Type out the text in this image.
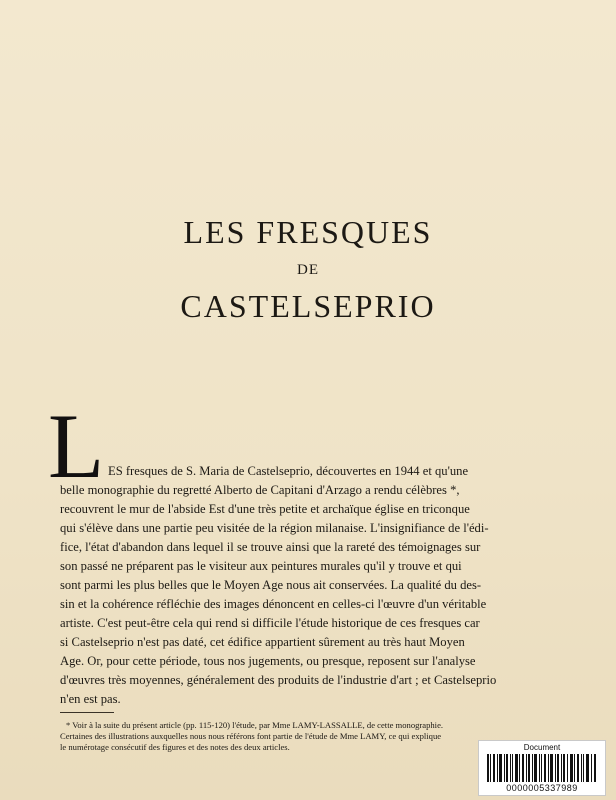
LES FRESQUES
DE
CASTELSEPRIO
L ES fresques de S. Maria de Castelseprio, découvertes en 1944 et qu'une
belle monographie du regretté Alberto de Capitani d'Arzago a rendu célèbres *,
recouvrent le mur de l'abside Est d'une très petite et archaïque église en triconque
qui s'élève dans une partie peu visitée de la région milanaise. L'insignifiance de l'édi-
fice, l'état d'abandon dans lequel il se trouve ainsi que la rareté des témoignages sur
son passé ne préparent pas le visiteur aux peintures murales qu'il y trouve et qui
sont parmi les plus belles que le Moyen Age nous ait conservées. La qualité du des-
sin et la cohérence réfléchie des images dénoncent en celles-ci l'œuvre d'un véritable
artiste. C'est peut-être cela qui rend si difficile l'étude historique de ces fresques car
si Castelseprio n'est pas daté, cet édifice appartient sûrement au très haut Moyen
Age. Or, pour cette période, tous nos jugements, ou presque, reposent sur l'analyse
d'œuvres très moyennes, généralement des produits de l'industrie d'art ; et Castelseprio
n'en est pas.
* Voir à la suite du présent article (pp. 115-120) l'étude, par Mme LAMY-LASSALLE, de cette monographie.
Certaines des illustrations auxquelles nous nous référons font partie de l'étude de Mme LAMY, ce qui explique
le numérotage consécutif des figures et des notes des deux articles.	Document
0000005337989
